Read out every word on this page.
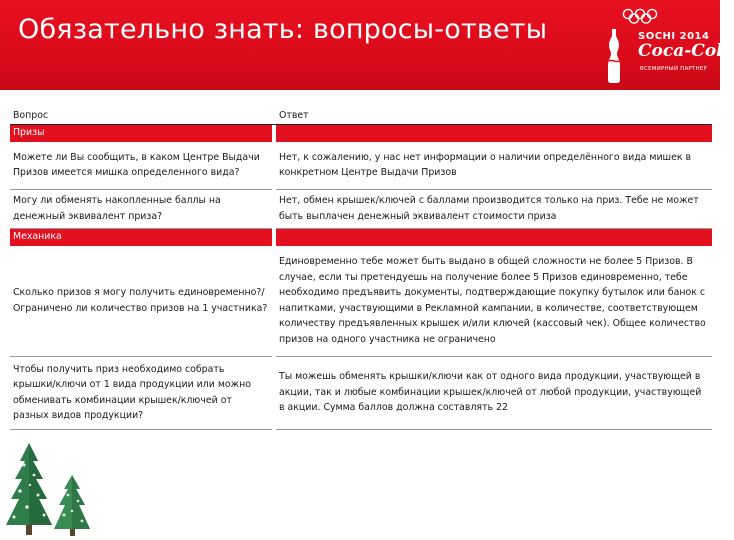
Обязательно знать: вопросы-ответы	SOCHI 2014
Coca-Cola
ВСЕМИРНЫЙ ПАРТНЕР
Вопрос		Ответ
Призы		
Можете ли Вы сообщить, в каком Центре Выдачи Призов имеется мишка определенного вида?		Нет, к сожалению, у нас нет информации о наличии определённого вида мишек в конкретном Центре Выдачи Призов
Могу ли обменять накопленные баллы на денежный эквивалент приза?		Нет, обмен крышек/ключей с баллами производится только на приз. Тебе не может быть выплачен денежный эквивалент стоимости приза
Механика		
Сколько призов я могу получить единовременно?/ Ограничено ли количество призов на 1 участника?		Единовременно тебе может быть выдано в общей сложности не более 5 Призов. В случае, если ты претендуешь на получение более 5 Призов единовременно, тебе необходимо предъявить документы, подтверждающие покупку бутылок или банок с напитками, участвующими в Рекламной кампании, в количестве, соответствующем количеству предъявленных крышек и/или ключей (кассовый чек). Общее количество призов на одного участника не ограничено
Чтобы получить приз необходимо собрать крышки/ключи от 1 вида продукции или можно обменивать комбинации крышек/ключей от разных видов продукции?		Ты можешь обменять крышки/ключи как от одного вида продукции, участвующей в акции, так и любые комбинации крышек/ключей от любой продукции, участвующей в акции. Сумма баллов должна составлять 22
